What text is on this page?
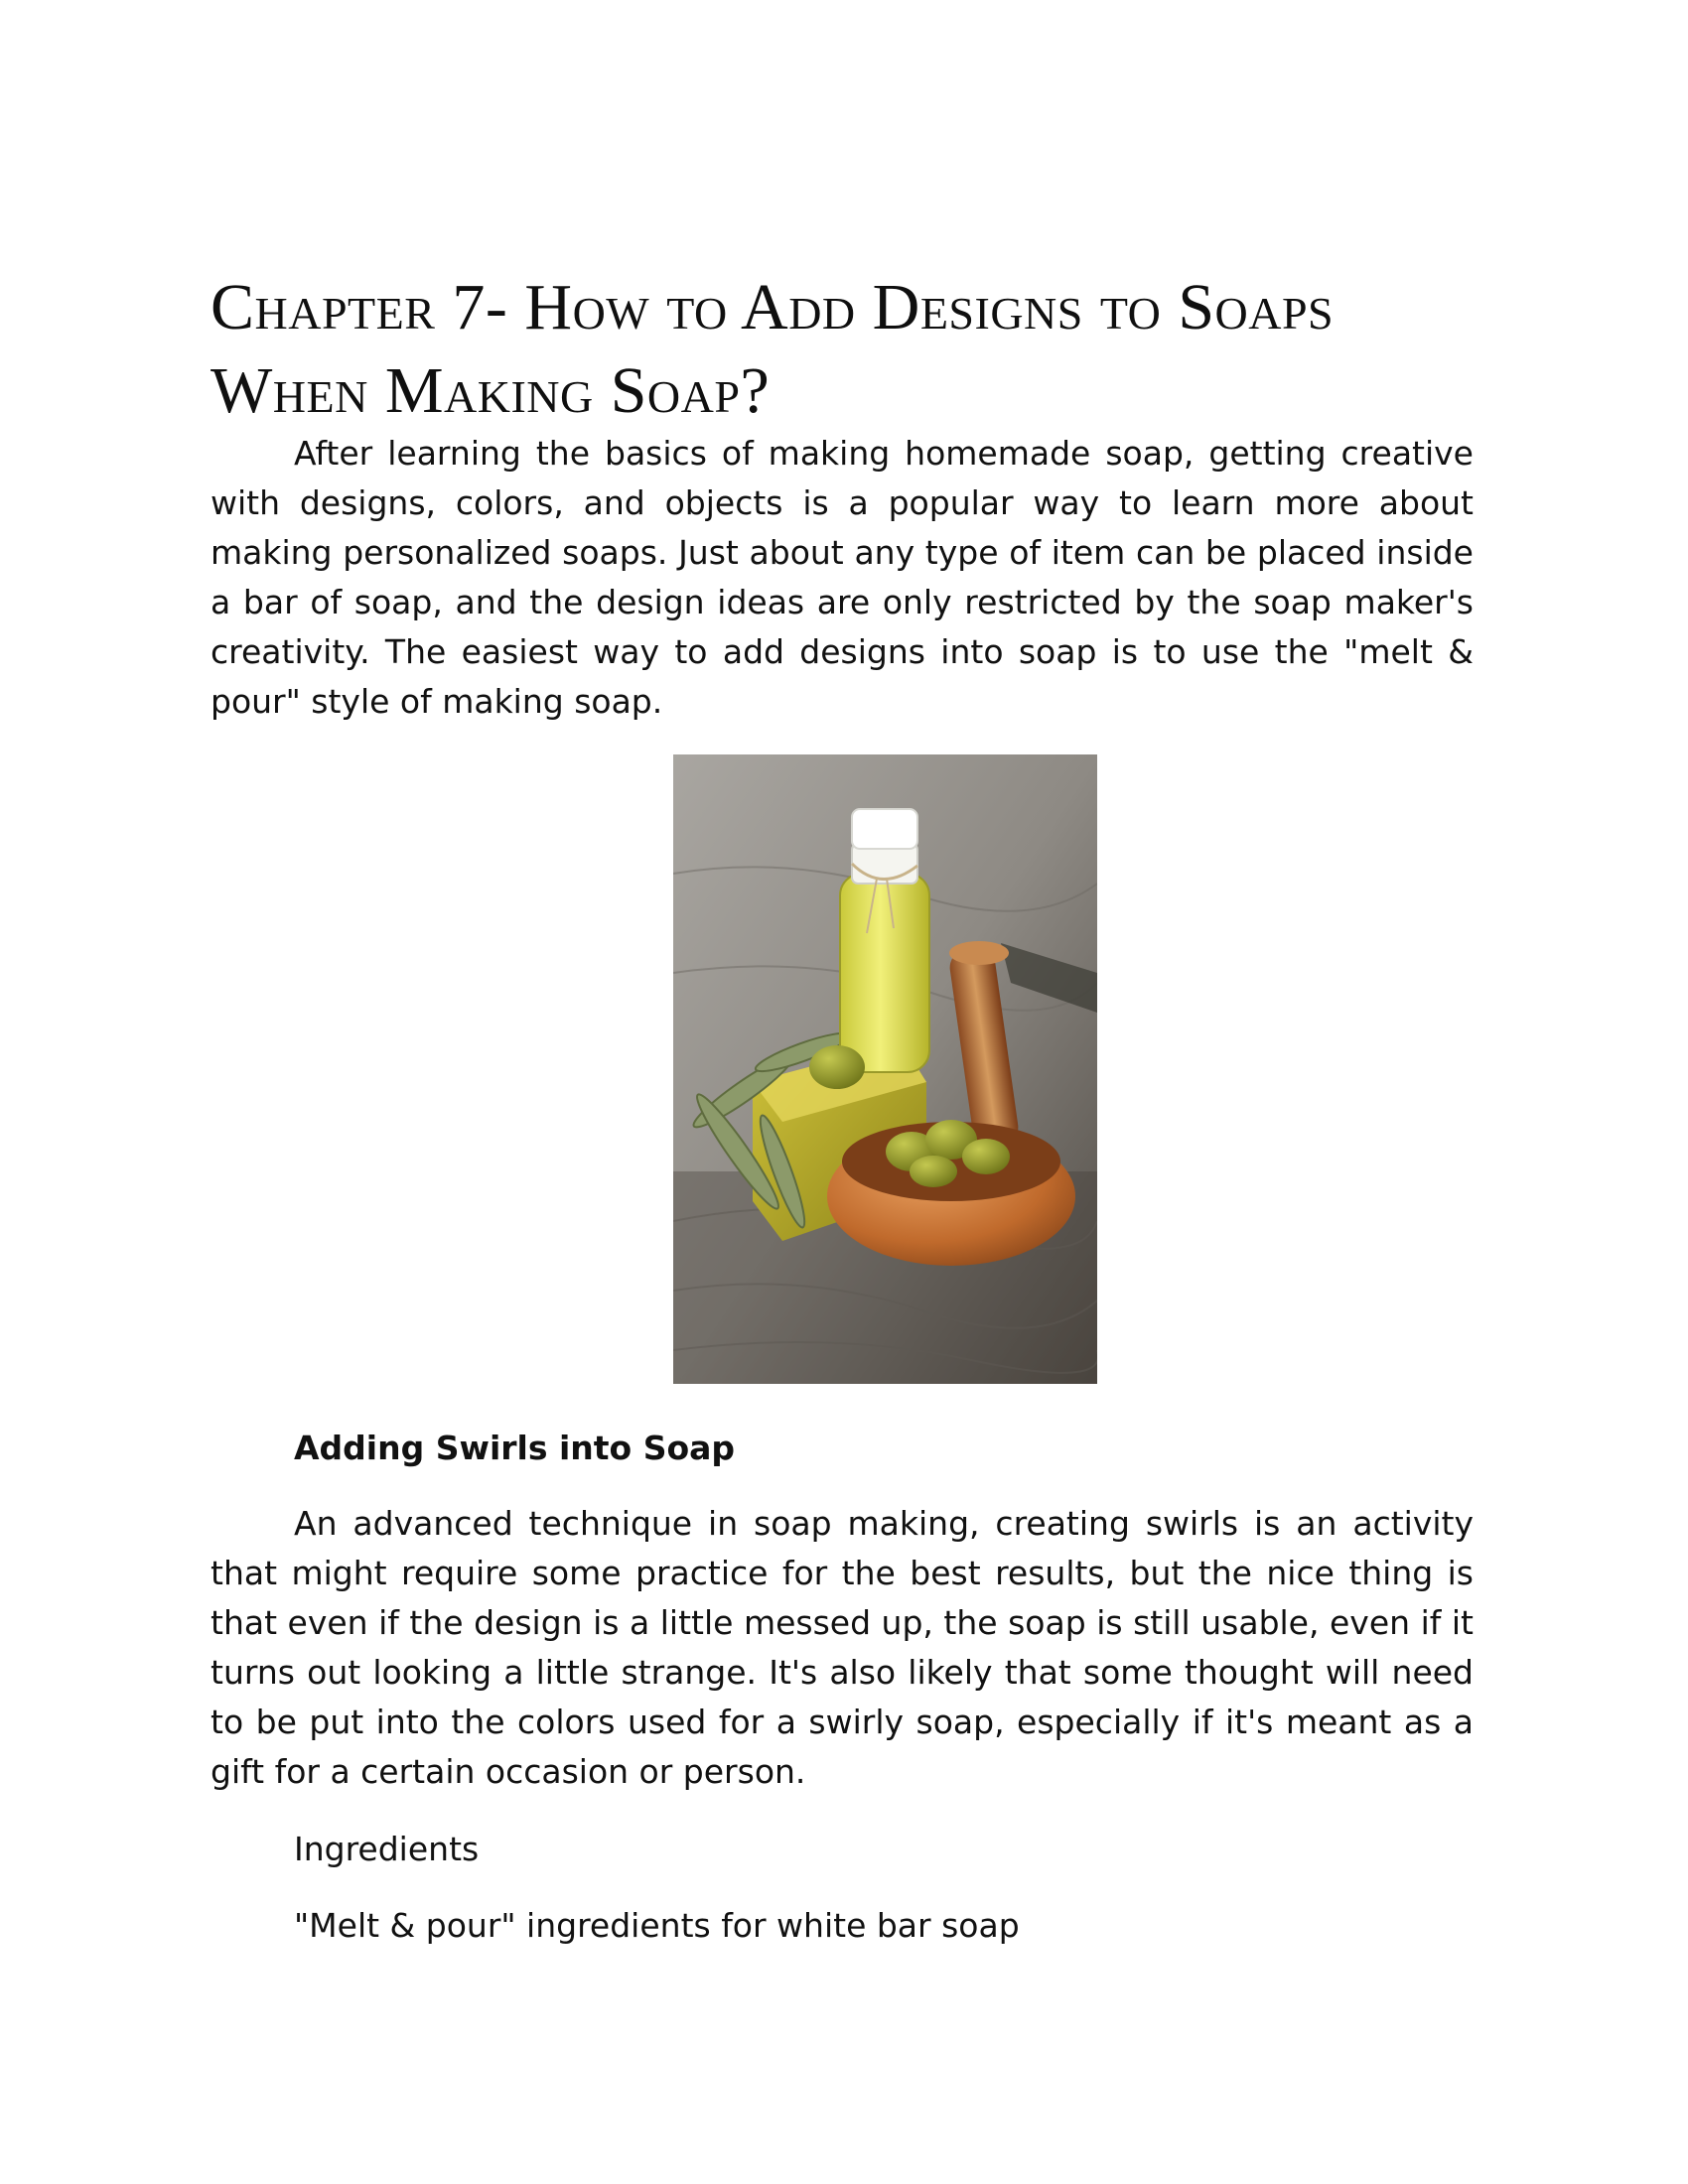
Chapter 7- How to Add Designs to Soaps
When Making Soap?

After learning the basics of making homemade soap, getting creative with designs, colors, and objects is a popular way to learn more about making personalized soaps. Just about any type of item can be placed inside a bar of soap, and the design ideas are only restricted by the soap maker's creativity. The easiest way to add designs into soap is to use the "melt & pour" style of making soap.

Adding Swirls into Soap

An advanced technique in soap making, creating swirls is an activity that might require some practice for the best results, but the nice thing is that even if the design is a little messed up, the soap is still usable, even if it turns out looking a little strange. It's also likely that some thought will need to be put into the colors used for a swirly soap, especially if it's meant as a gift for a certain occasion or person.

Ingredients

"Melt & pour" ingredients for white bar soap
